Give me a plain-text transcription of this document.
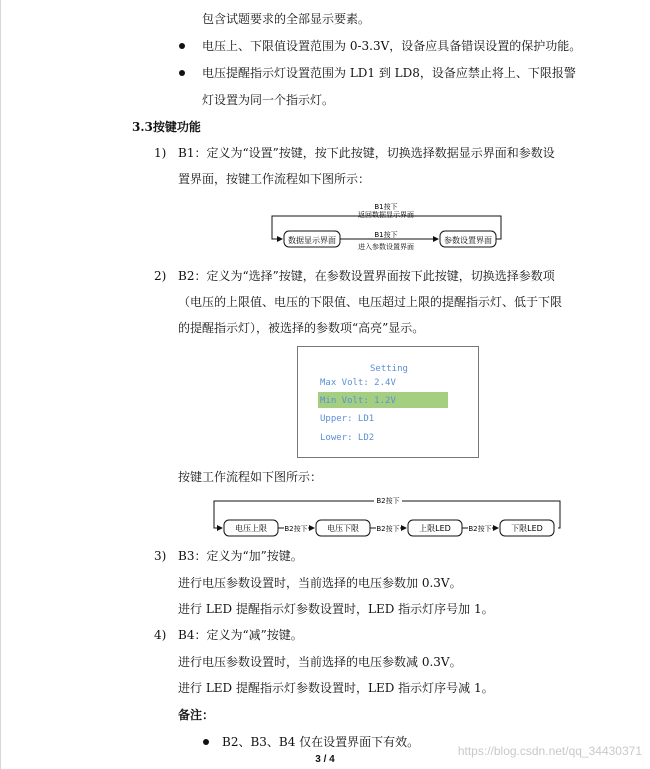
包含试题要求的全部显示要素。
电压上、下限值设置范围为 0-3.3V，设备应具备错误设置的保护功能。
电压提醒指示灯设置范围为 LD1 到 LD8，设备应禁止将上、下限报警
灯设置为同一个指示灯。
3.3按键功能
1) B1：定义为“设置”按键，按下此按键，切换选择数据显示界面和参数设
置界面，按键工作流程如下图所示：
数据显示界面	参数设置界面
B1按下
返回数据显示界面
B1按下
进入参数设置界面
2) B2：定义为“选择”按键，在参数设置界面按下此按键，切换选择参数项
（电压的上限值、电压的下限值、电压超过上限的提醒指示灯、低于下限
的提醒指示灯），被选择的参数项“高亮”显示。
Setting
Max Volt: 2.4V
Min Volt: 1.2V
Upper: LD1
Lower: LD2
按键工作流程如下图所示：
B2按下
电压上限 B2按下 电压下限 B2按下 上限LED	B2按下 下限LED
3) B3：定义为“加”按键。
进行电压参数设置时，当前选择的电压参数加 0.3V。
进行 LED 提醒指示灯参数设置时，LED 指示灯序号加 1。
4) B4：定义为“减”按键。
进行电压参数设置时，当前选择的电压参数减 0.3V。
进行 LED 提醒指示灯参数设置时，LED 指示灯序号减 1。
备注：
B2、B3、B4 仅在设置界面下有效。
https://blog.csdn.net/qq_34430371
3 / 4
